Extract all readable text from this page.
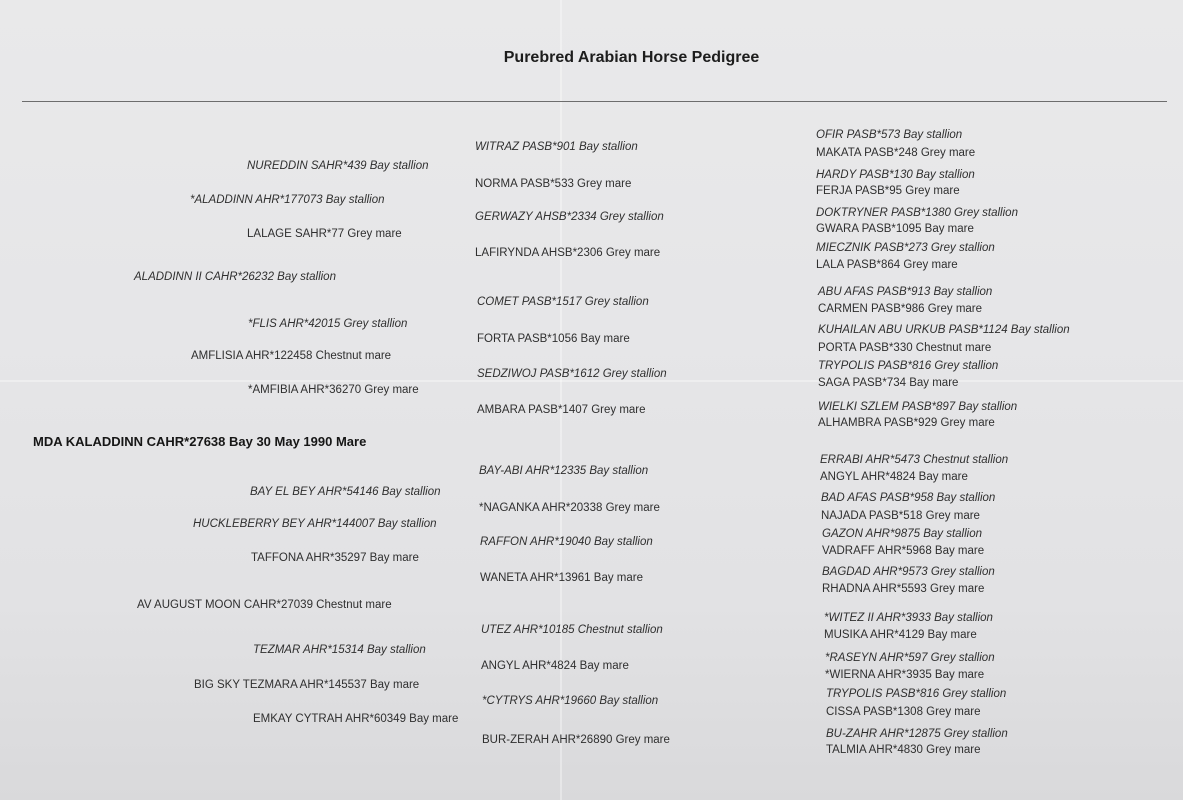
Purebred Arabian Horse Pedigree
MDA KALADDINN CAHR*27638 Bay 30 May 1990 Mare
ALADDINN II CAHR*26232 Bay stallion
AV AUGUST MOON CAHR*27039 Chestnut mare
*ALADDINN AHR*177073 Bay stallion
AMFLISIA AHR*122458 Chestnut mare
HUCKLEBERRY BEY AHR*144007 Bay stallion
BIG SKY TEZMARA AHR*145537 Bay mare
NUREDDIN SAHR*439 Bay stallion
LALAGE SAHR*77 Grey mare
*FLIS AHR*42015 Grey stallion
*AMFIBIA AHR*36270 Grey mare
BAY EL BEY AHR*54146 Bay stallion
TAFFONA AHR*35297 Bay mare
TEZMAR AHR*15314 Bay stallion
EMKAY CYTRAH AHR*60349 Bay mare
WITRAZ PASB*901 Bay stallion
NORMA PASB*533 Grey mare
GERWAZY AHSB*2334 Grey stallion
LAFIRYNDA AHSB*2306 Grey mare
COMET PASB*1517 Grey stallion
FORTA PASB*1056 Bay mare
SEDZIWOJ PASB*1612 Grey stallion
AMBARA PASB*1407 Grey mare
BAY-ABI AHR*12335 Bay stallion
*NAGANKA AHR*20338 Grey mare
RAFFON AHR*19040 Bay stallion
WANETA AHR*13961 Bay mare
UTEZ AHR*10185 Chestnut stallion
ANGYL AHR*4824 Bay mare
*CYTRYS AHR*19660 Bay stallion
BUR-ZERAH AHR*26890 Grey mare
OFIR PASB*573 Bay stallion
MAKATA PASB*248 Grey mare
HARDY PASB*130 Bay stallion
FERJA PASB*95 Grey mare
DOKTRYNER PASB*1380 Grey stallion
GWARA PASB*1095 Bay mare
MIECZNIK PASB*273 Grey stallion
LALA PASB*864 Grey mare
ABU AFAS PASB*913 Bay stallion
CARMEN PASB*986 Grey mare
KUHAILAN ABU URKUB PASB*1124 Bay stallion
PORTA PASB*330 Chestnut mare
TRYPOLIS PASB*816 Grey stallion
SAGA PASB*734 Bay mare
WIELKI SZLEM PASB*897 Bay stallion
ALHAMBRA PASB*929 Grey mare
ERRABI AHR*5473 Chestnut stallion
ANGYL AHR*4824 Bay mare
BAD AFAS PASB*958 Bay stallion
NAJADA PASB*518 Grey mare
GAZON AHR*9875 Bay stallion
VADRAFF AHR*5968 Bay mare
BAGDAD AHR*9573 Grey stallion
RHADNA AHR*5593 Grey mare
*WITEZ II AHR*3933 Bay stallion
MUSIKA AHR*4129 Bay mare
*RASEYN AHR*597 Grey stallion
*WIERNA AHR*3935 Bay mare
TRYPOLIS PASB*816 Grey stallion
CISSA PASB*1308 Grey mare
BU-ZAHR AHR*12875 Grey stallion
TALMIA AHR*4830 Grey mare
